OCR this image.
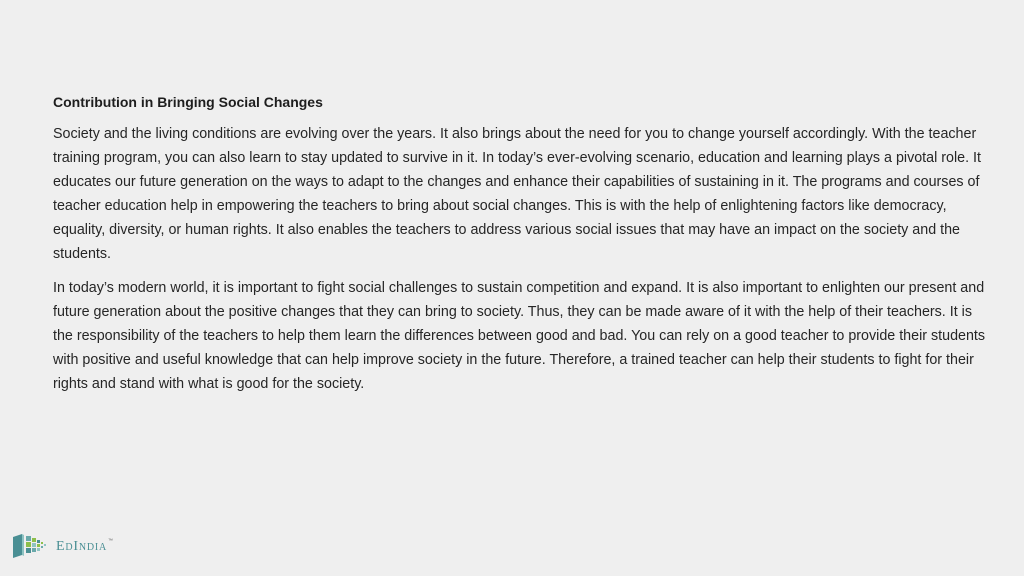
Contribution in Bringing Social Changes

Society and the living conditions are evolving over the years. It also brings about the need for you to change yourself accordingly. With the teacher training program, you can also learn to stay updated to survive in it. In today’s ever-evolving scenario, education and learning plays a pivotal role. It educates our future generation on the ways to adapt to the changes and enhance their capabilities of sustaining in it. The programs and courses of teacher education help in empowering the teachers to bring about social changes. This is with the help of enlightening factors like democracy, equality, diversity, or human rights. It also enables the teachers to address various social issues that may have an impact on the society and the students.

In today’s modern world, it is important to fight social challenges to sustain competition and expand. It is also important to enlighten our present and future generation about the positive changes that they can bring to society. Thus, they can be made aware of it with the help of their teachers. It is the responsibility of the teachers to help them learn the differences between good and bad. You can rely on a good teacher to provide their students with positive and useful knowledge that can help improve society in the future. Therefore, a trained teacher can help their students to fight for their rights and stand with what is good for the society.

EdIndia ™
